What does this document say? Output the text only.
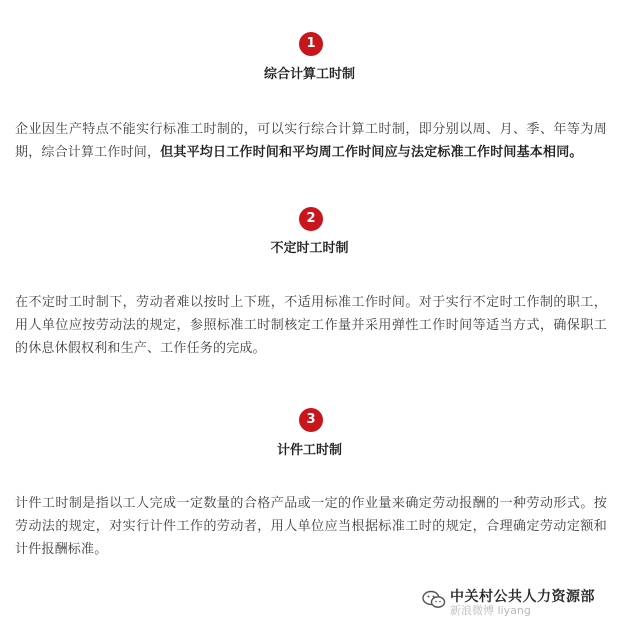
1
综合计算工时制
企业因生产特点不能实行标准工时制的，可以实行综合计算工时制，即分别以周、月、季、年等为周期，综合计算工作时间，但其平均日工作时间和平均周工作时间应与法定标准工作时间基本相同。
2
不定时工时制
在不定时工时制下，劳动者难以按时上下班，不适用标准工作时间。对于实行不定时工作制的职工，用人单位应按劳动法的规定，参照标准工时制核定工作量并采用弹性工作时间等适当方式，确保职工的休息休假权利和生产、工作任务的完成。
3
计件工时制
计件工时制是指以工人完成一定数量的合格产品或一定的作业量来确定劳动报酬的一种劳动形式。按劳动法的规定，对实行计件工作的劳动者，用人单位应当根据标准工时的规定，合理确定劳动定额和计件报酬标准。
中关村公共人力资源部
新浪微博 liyang
